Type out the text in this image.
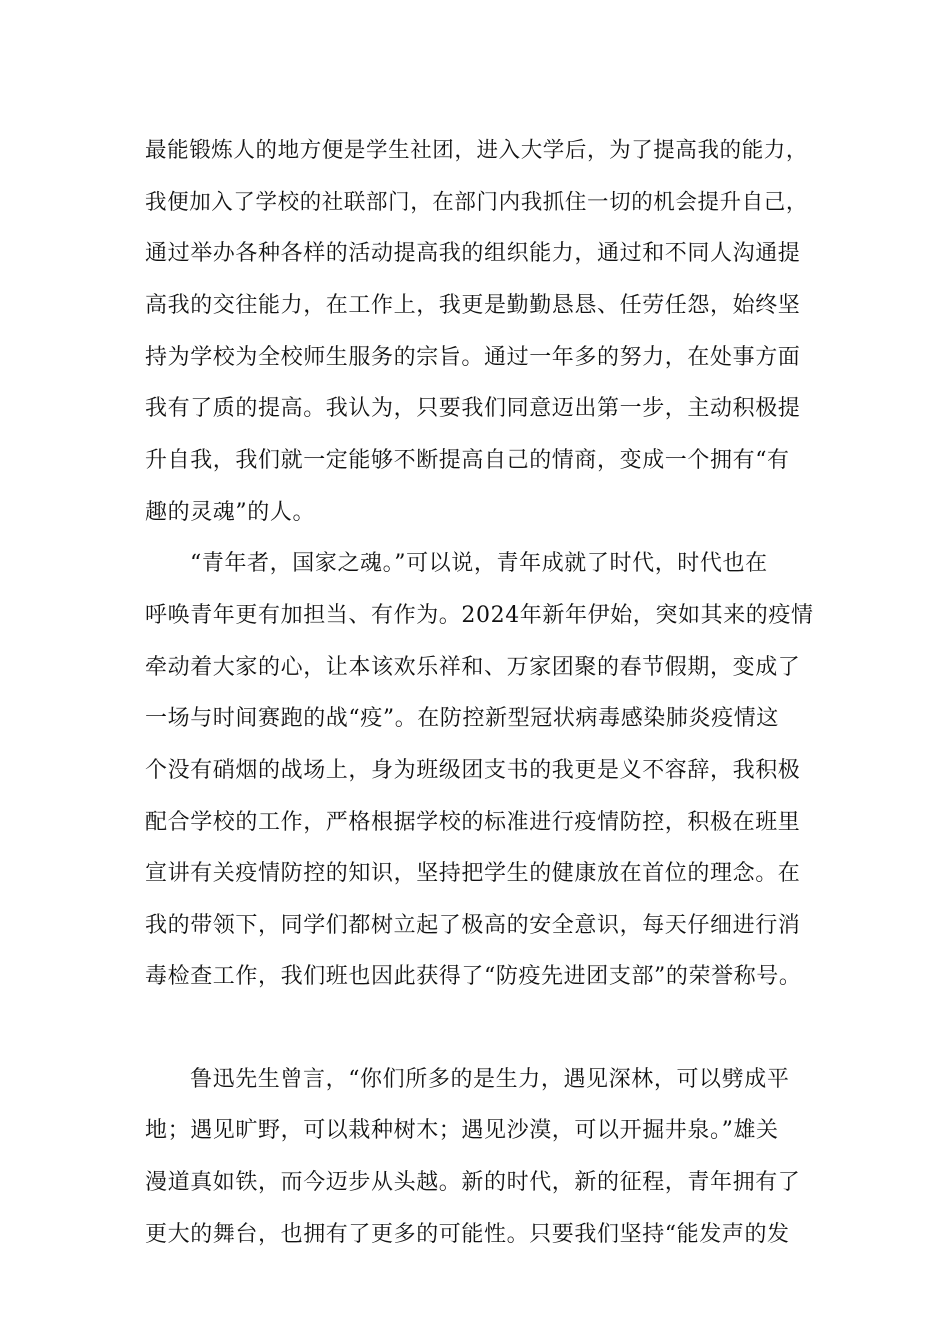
最能锻炼人的地方便是学生社团，进入大学后，为了提高我的能力，
我便加入了学校的社联部门，在部门内我抓住一切的机会提升自己，
通过举办各种各样的活动提高我的组织能力，通过和不同人沟通提
高我的交往能力，在工作上，我更是勤勤恳恳、任劳任怨，始终坚
持为学校为全校师生服务的宗旨。通过一年多的努力，在处事方面
我有了质的提高。我认为，只要我们同意迈出第一步，主动积极提
升自我，我们就一定能够不断提高自己的情商，变成一个拥有“有
趣的灵魂”的人。
“青年者，国家之魂。”可以说，青年成就了时代，时代也在
呼唤青年更有加担当、有作为。2024年新年伊始，突如其来的疫情
牵动着大家的心，让本该欢乐祥和、万家团聚的春节假期，变成了
一场与时间赛跑的战“疫”。在防控新型冠状病毒感染肺炎疫情这
个没有硝烟的战场上，身为班级团支书的我更是义不容辞，我积极
配合学校的工作，严格根据学校的标准进行疫情防控，积极在班里
宣讲有关疫情防控的知识，坚持把学生的健康放在首位的理念。在
我的带领下，同学们都树立起了极高的安全意识，每天仔细进行消
毒检查工作，我们班也因此获得了“防疫先进团支部”的荣誉称号。
鲁迅先生曾言，“你们所多的是生力，遇见深林，可以劈成平
地；遇见旷野，可以栽种树木；遇见沙漠，可以开掘井泉。”雄关
漫道真如铁，而今迈步从头越。新的时代，新的征程，青年拥有了
更大的舞台，也拥有了更多的可能性。只要我们坚持“能发声的发
